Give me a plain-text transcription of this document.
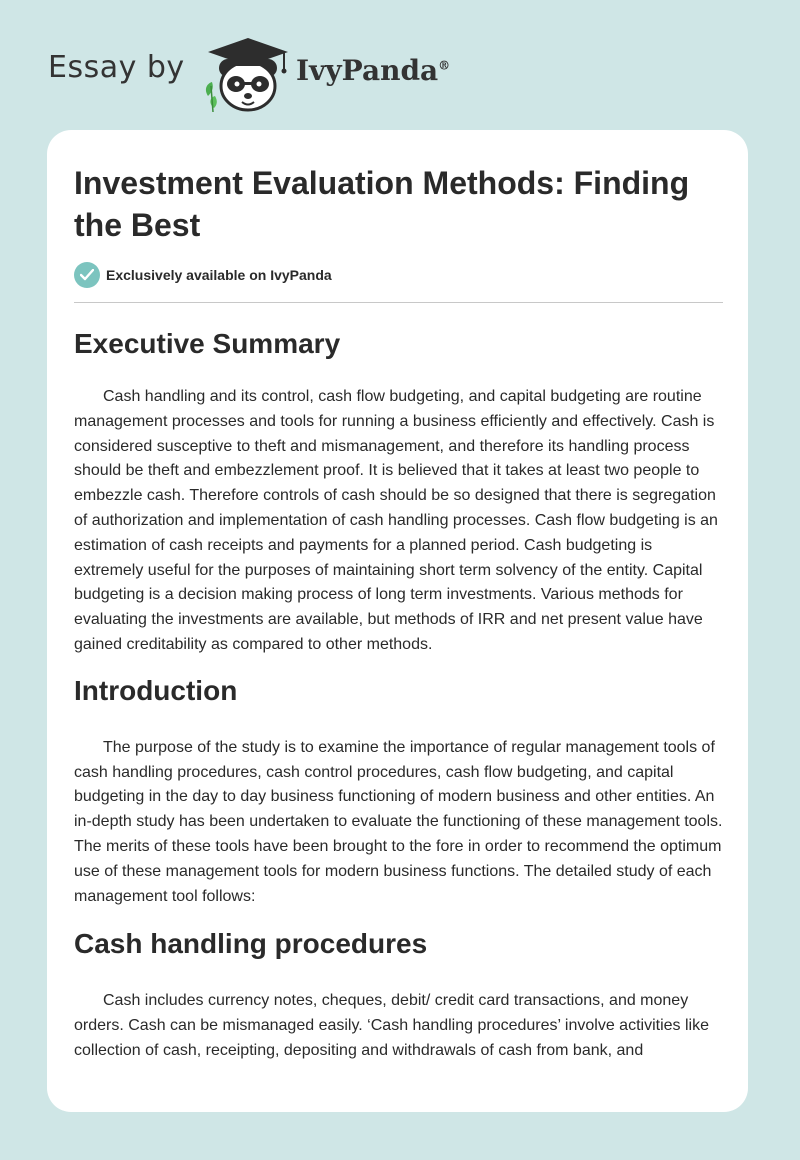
Essay by	IvyPanda®
Investment Evaluation Methods: Finding the Best
Exclusively available on IvyPanda
Executive Summary

Cash handling and its control, cash flow budgeting, and capital budgeting are routine management processes and tools for running a business efficiently and effectively. Cash is considered susceptive to theft and mismanagement, and therefore its handling process should be theft and embezzlement proof. It is believed that it takes at least two people to embezzle cash. Therefore controls of cash should be so designed that there is segregation of authorization and implementation of cash handling processes. Cash flow budgeting is an estimation of cash receipts and payments for a planned period. Cash budgeting is extremely useful for the purposes of maintaining short term solvency of the entity. Capital budgeting is a decision making process of long term investments. Various methods for evaluating the investments are available, but methods of IRR and net present value have gained creditability as compared to other methods.

Introduction

The purpose of the study is to examine the importance of regular management tools of cash handling procedures, cash control procedures, cash flow budgeting, and capital budgeting in the day to day business functioning of modern business and other entities. An in-depth study has been undertaken to evaluate the functioning of these management tools. The merits of these tools have been brought to the fore in order to recommend the optimum use of these management tools for modern business functions. The detailed study of each management tool follows:

Cash handling procedures

Cash includes currency notes, cheques, debit/ credit card transactions, and money orders. Cash can be mismanaged easily. ‘Cash handling procedures’ involve activities like collection of cash, receipting, depositing and withdrawals of cash from bank, and
